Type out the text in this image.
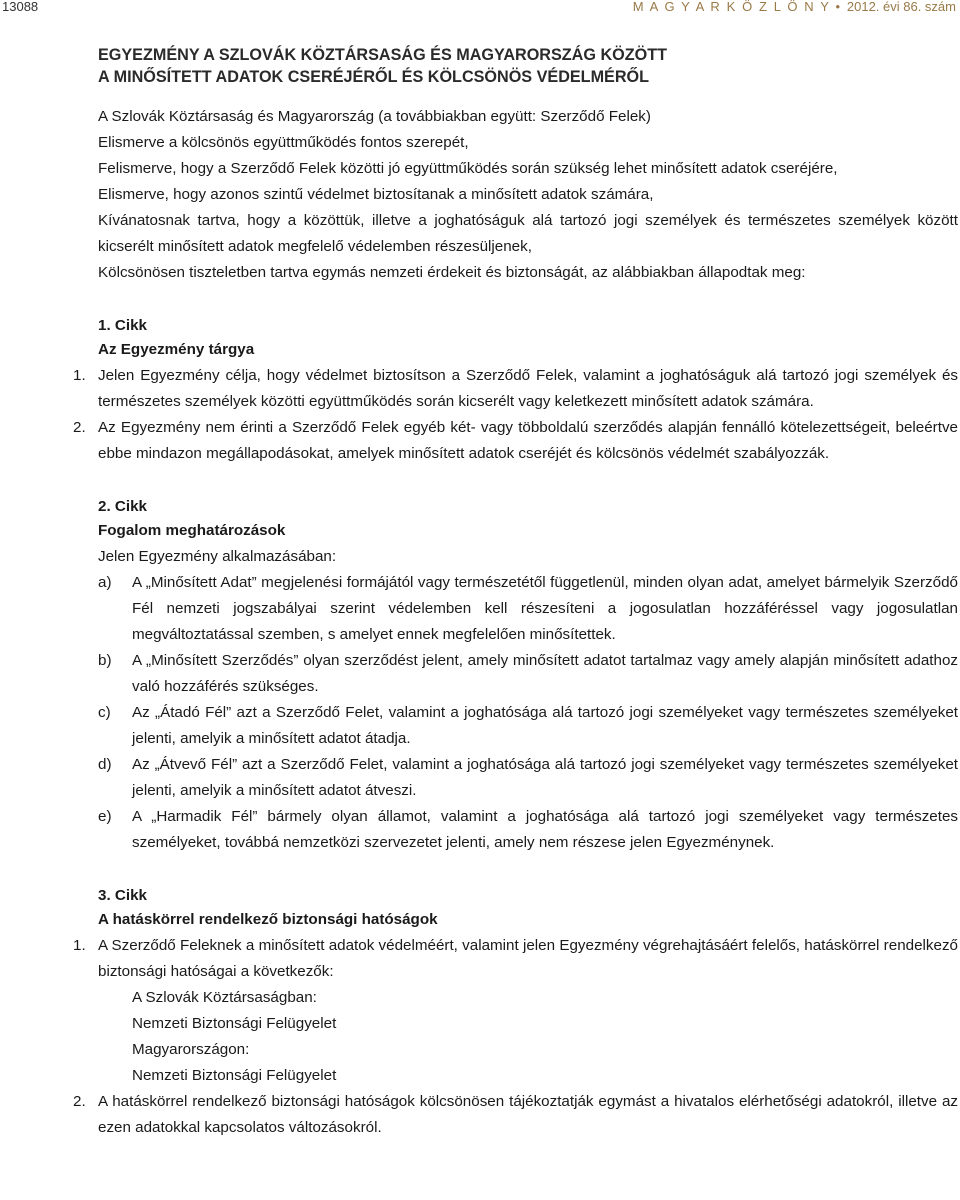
13088	M A G Y A R K Ö Z L Ö N Y • 2012. évi 86. szám
EGYEZMÉNY A SZLOVÁK KÖZTÁRSASÁG ÉS MAGYARORSZÁG KÖZÖTT
A MINŐSÍTETT ADATOK CSERÉJÉRŐL ÉS KÖLCSÖNÖS VÉDELMÉRŐL
A Szlovák Köztársaság és Magyarország (a továbbiakban együtt: Szerződő Felek)
Elismerve a kölcsönös együttműködés fontos szerepét,
Felismerve, hogy a Szerződő Felek közötti jó együttműködés során szükség lehet minősített adatok cseréjére,
Elismerve, hogy azonos szintű védelmet biztosítanak a minősített adatok számára,
Kívánatosnak tartva, hogy a közöttük, illetve a joghatóságuk alá tartozó jogi személyek és természetes személyek között kicserélt minősített adatok megfelelő védelemben részesüljenek,
Kölcsönösen tiszteletben tartva egymás nemzeti érdekeit és biztonságát, az alábbiakban állapodtak meg:
1. Cikk
Az Egyezmény tárgya
1. Jelen Egyezmény célja, hogy védelmet biztosítson a Szerződő Felek, valamint a joghatóságuk alá tartozó jogi személyek és természetes személyek közötti együttműködés során kicserélt vagy keletkezett minősített adatok számára.
2. Az Egyezmény nem érinti a Szerződő Felek egyéb két- vagy többoldalú szerződés alapján fennálló kötelezettségeit, beleértve ebbe mindazon megállapodásokat, amelyek minősített adatok cseréjét és kölcsönös védelmét szabályozzák.
2. Cikk
Fogalom meghatározások
Jelen Egyezmény alkalmazásában:
a) A „Minősített Adat” megjelenési formájától vagy természetétől függetlenül, minden olyan adat, amelyet bármelyik Szerződő Fél nemzeti jogszabályai szerint védelemben kell részesíteni a jogosulatlan hozzáféréssel vagy jogosulatlan megváltoztatással szemben, s amelyet ennek megfelelően minősítettek.
b) A „Minősített Szerződés” olyan szerződést jelent, amely minősített adatot tartalmaz vagy amely alapján minősített adathoz való hozzáférés szükséges.
c) Az „Átadó Fél” azt a Szerződő Felet, valamint a joghatósága alá tartozó jogi személyeket vagy természetes személyeket jelenti, amelyik a minősített adatot átadja.
d) Az „Átvevő Fél” azt a Szerződő Felet, valamint a joghatósága alá tartozó jogi személyeket vagy természetes személyeket jelenti, amelyik a minősített adatot átveszi.
e) A „Harmadik Fél” bármely olyan államot, valamint a joghatósága alá tartozó jogi személyeket vagy természetes személyeket, továbbá nemzetközi szervezetet jelenti, amely nem részese jelen Egyezménynek.
3. Cikk
A hatáskörrel rendelkező biztonsági hatóságok
1. A Szerződő Feleknek a minősített adatok védelméért, valamint jelen Egyezmény végrehajtásáért felelős, hatáskörrel rendelkező biztonsági hatóságai a következők:
A Szlovák Köztársaságban:
Nemzeti Biztonsági Felügyelet
Magyarországon:
Nemzeti Biztonsági Felügyelet
2. A hatáskörrel rendelkező biztonsági hatóságok kölcsönösen tájékoztatják egymást a hivatalos elérhetőségi adatokról, illetve az ezen adatokkal kapcsolatos változásokról.
